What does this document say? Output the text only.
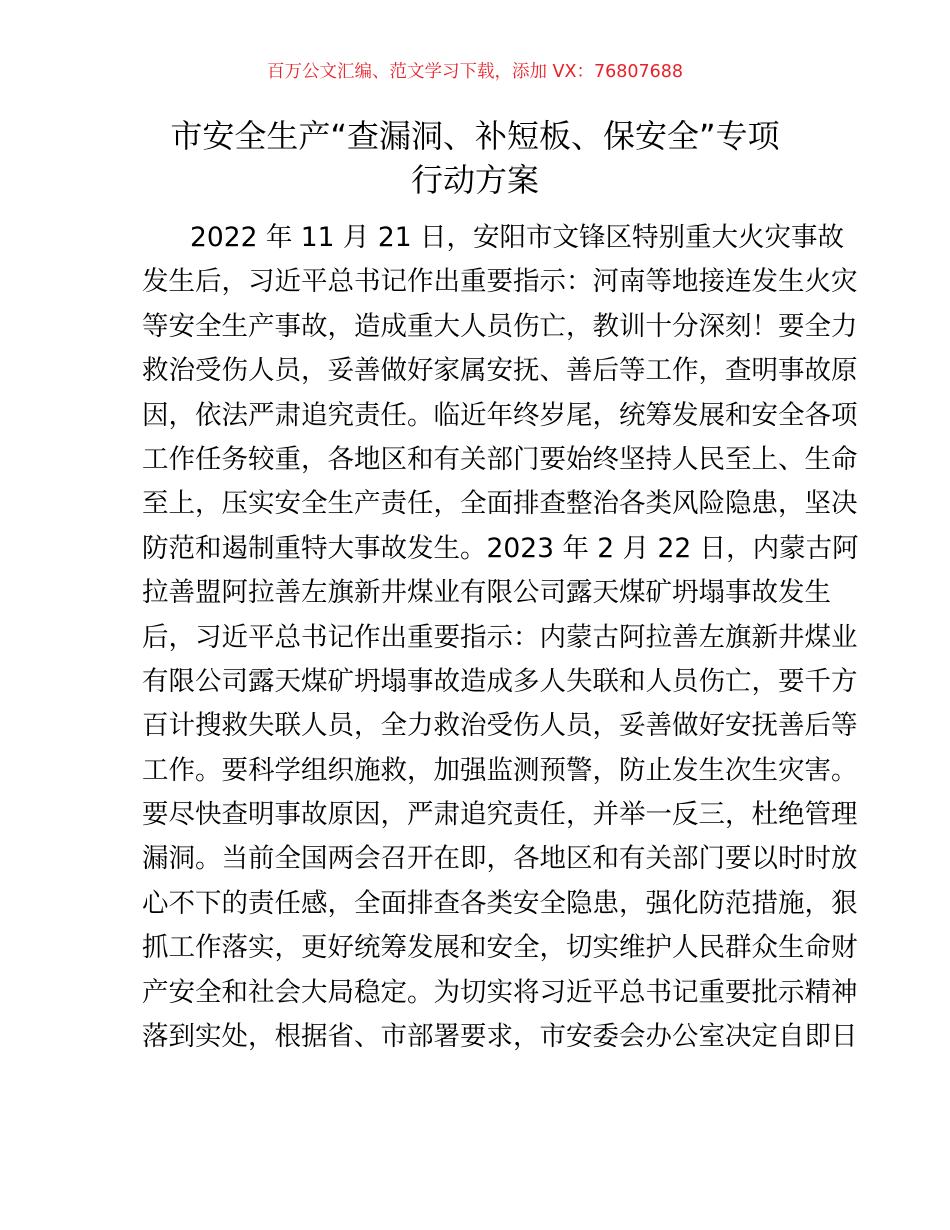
百万公文汇编、范文学习下载，添加 VX：76807688
市安全生产“查漏洞、补短板、保安全”专项
行动方案
2022 年 11 月 21 日，安阳市文锋区特别重大火灾事故
发生后，习近平总书记作出重要指示：河南等地接连发生火灾
等安全生产事故，造成重大人员伤亡，教训十分深刻！要全力
救治受伤人员，妥善做好家属安抚、善后等工作，查明事故原
因，依法严肃追究责任。临近年终岁尾，统筹发展和安全各项
工作任务较重，各地区和有关部门要始终坚持人民至上、生命
至上，压实安全生产责任，全面排查整治各类风险隐患，坚决
防范和遏制重特大事故发生。2023 年 2 月 22 日，内蒙古阿
拉善盟阿拉善左旗新井煤业有限公司露天煤矿坍塌事故发生
后，习近平总书记作出重要指示：内蒙古阿拉善左旗新井煤业
有限公司露天煤矿坍塌事故造成多人失联和人员伤亡，要千方
百计搜救失联人员，全力救治受伤人员，妥善做好安抚善后等
工作。要科学组织施救，加强监测预警，防止发生次生灾害。
要尽快查明事故原因，严肃追究责任，并举一反三，杜绝管理
漏洞。当前全国两会召开在即，各地区和有关部门要以时时放
心不下的责任感，全面排查各类安全隐患，强化防范措施，狠
抓工作落实，更好统筹发展和安全，切实维护人民群众生命财
产安全和社会大局稳定。为切实将习近平总书记重要批示精神
落到实处，根据省、市部署要求，市安委会办公室决定自即日
